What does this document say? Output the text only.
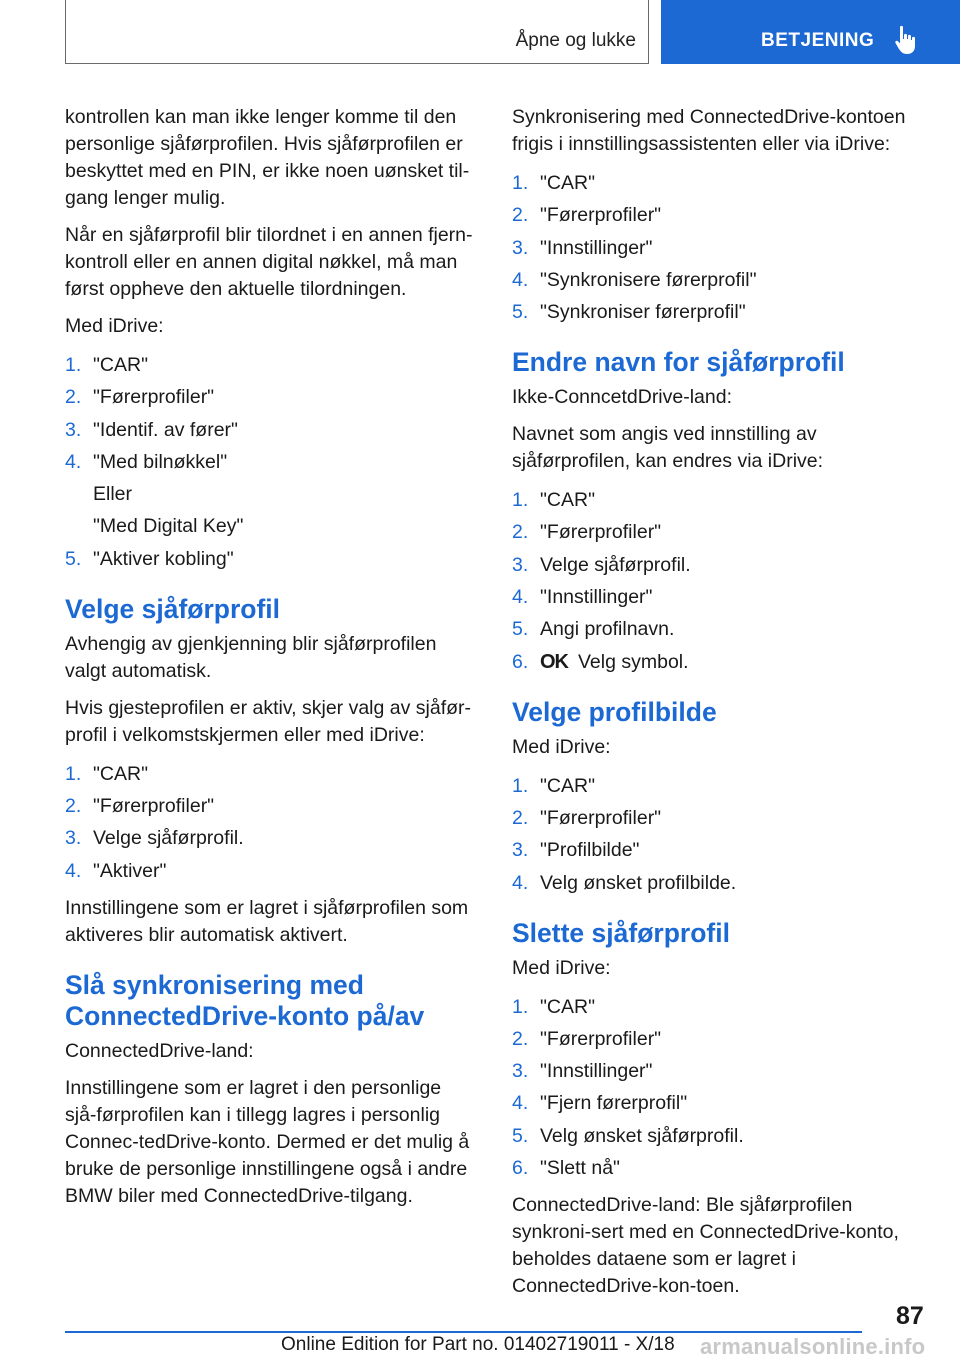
Åpne og lukke	BETJENING

kontrollen kan man ikke lenger komme til den personlige sjåførprofilen. Hvis sjåførprofilen er beskyttet med en PIN, er ikke noen uønsket til-gang lenger mulig.

Når en sjåførprofil blir tilordnet i en annen fjern-kontroll eller en annen digital nøkkel, må man først oppheve den aktuelle tilordningen.

Med iDrive:

1. "CAR"
2. "Førerprofiler"
3. "Identif. av fører"
4. "Med bilnøkkel"
Eller
"Med Digital Key"
5. "Aktiver kobling"
Velge sjåførprofil

Avhengig av gjenkjenning blir sjåførprofilen valgt automatisk.

Hvis gjesteprofilen er aktiv, skjer valg av sjåfør-profil i velkomstskjermen eller med iDrive:

1. "CAR"
2. "Førerprofiler"
3. Velge sjåførprofil.
4. "Aktiver"

Innstillingene som er lagret i sjåførprofilen som aktiveres blir automatisk aktivert.

Slå synkronisering med ConnectedDrive-konto på/av

ConnectedDrive-land:

Innstillingene som er lagret i den personlige sjå-førprofilen kan i tillegg lagres i personlig Connec-tedDrive-konto. Dermed er det mulig å bruke de personlige innstillingene også i andre BMW biler med ConnectedDrive-tilgang.

Synkronisering med ConnectedDrive-kontoen frigis i innstillingsassistenten eller via iDrive:

1. "CAR"
2. "Førerprofiler"
3. "Innstillinger"
4. "Synkronisere førerprofil"
5. "Synkroniser førerprofil"
Endre navn for sjåførprofil

Ikke-ConncetdDrive-land:

Navnet som angis ved innstilling av sjåførprofilen, kan endres via iDrive:

1. "CAR"
2. "Førerprofiler"
3. Velge sjåførprofil.
4. "Innstillinger"
5. Angi profilnavn.
6. OK Velg symbol.
Velge profilbilde

Med iDrive:

1. "CAR"
2. "Førerprofiler"
3. "Profilbilde"
4. Velg ønsket profilbilde.
Slette sjåførprofil

Med iDrive:

1. "CAR"
2. "Førerprofiler"
3. "Innstillinger"
4. "Fjern førerprofil"
5. Velg ønsket sjåførprofil.
6. "Slett nå"

ConnectedDrive-land: Ble sjåførprofilen synkroni-sert med en ConnectedDrive-konto, beholdes dataene som er lagret i ConnectedDrive-kon-toen.

87
Online Edition for Part no. 01402719011 - X/18 armanualsonline.info
